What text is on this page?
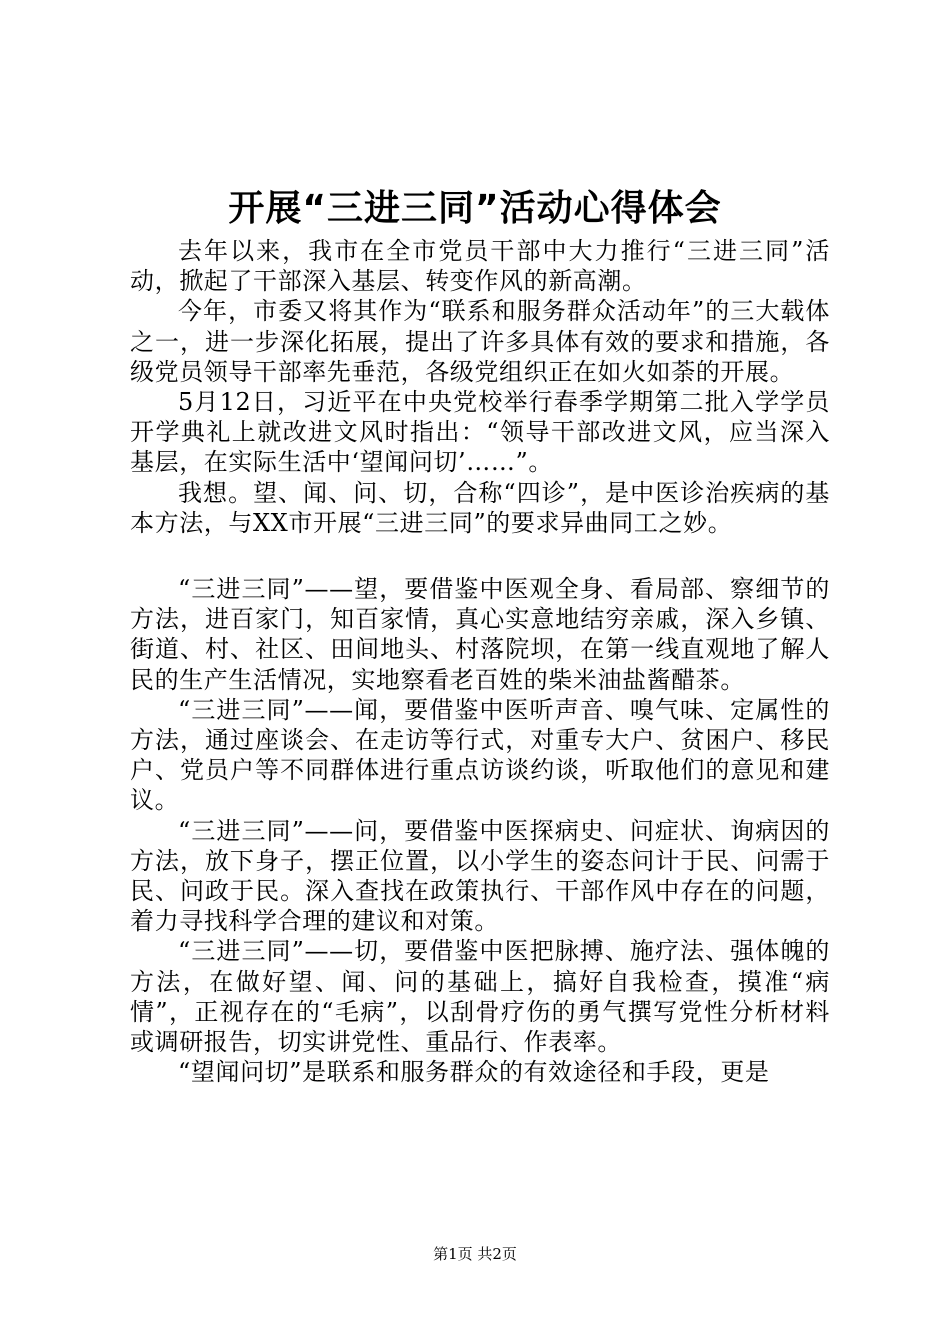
开展“三进三同”活动心得体会

去年以来，我市在全市党员干部中大力推行“三进三同”活动，掀起了干部深入基层、转变作风的新高潮。

今年，市委又将其作为“联系和服务群众活动年”的三大载体之一，进一步深化拓展，提出了许多具体有效的要求和措施，各级党员领导干部率先垂范，各级党组织正在如火如荼的开展。

5月12日，习近平在中央党校举行春季学期第二批入学学员开学典礼上就改进文风时指出：“领导干部改进文风，应当深入基层，在实际生活中‘望闻问切’……”。

我想。望、闻、问、切，合称“四诊”，是中医诊治疾病的基本方法，与XX市开展“三进三同”的要求异曲同工之妙。

“三进三同”——望，要借鉴中医观全身、看局部、察细节的方法，进百家门，知百家情，真心实意地结穷亲戚，深入乡镇、街道、村、社区、田间地头、村落院坝，在第一线直观地了解人民的生产生活情况，实地察看老百姓的柴米油盐酱醋茶。

“三进三同”——闻，要借鉴中医听声音、嗅气味、定属性的方法，通过座谈会、在走访等行式，对重专大户、贫困户、移民户、党员户等不同群体进行重点访谈约谈，听取他们的意见和建议。

“三进三同”——问，要借鉴中医探病史、问症状、询病因的方法，放下身子，摆正位置，以小学生的姿态问计于民、问需于民、问政于民。深入查找在政策执行、干部作风中存在的问题，着力寻找科学合理的建议和对策。

“三进三同”——切，要借鉴中医把脉搏、施疗法、强体魄的方法，在做好望、闻、问的基础上，搞好自我检查，摸准“病情”，正视存在的“毛病”，以刮骨疗伤的勇气撰写党性分析材料或调研报告，切实讲党性、重品行、作表率。

“望闻问切”是联系和服务群众的有效途径和手段，更是

第1页 共2页
